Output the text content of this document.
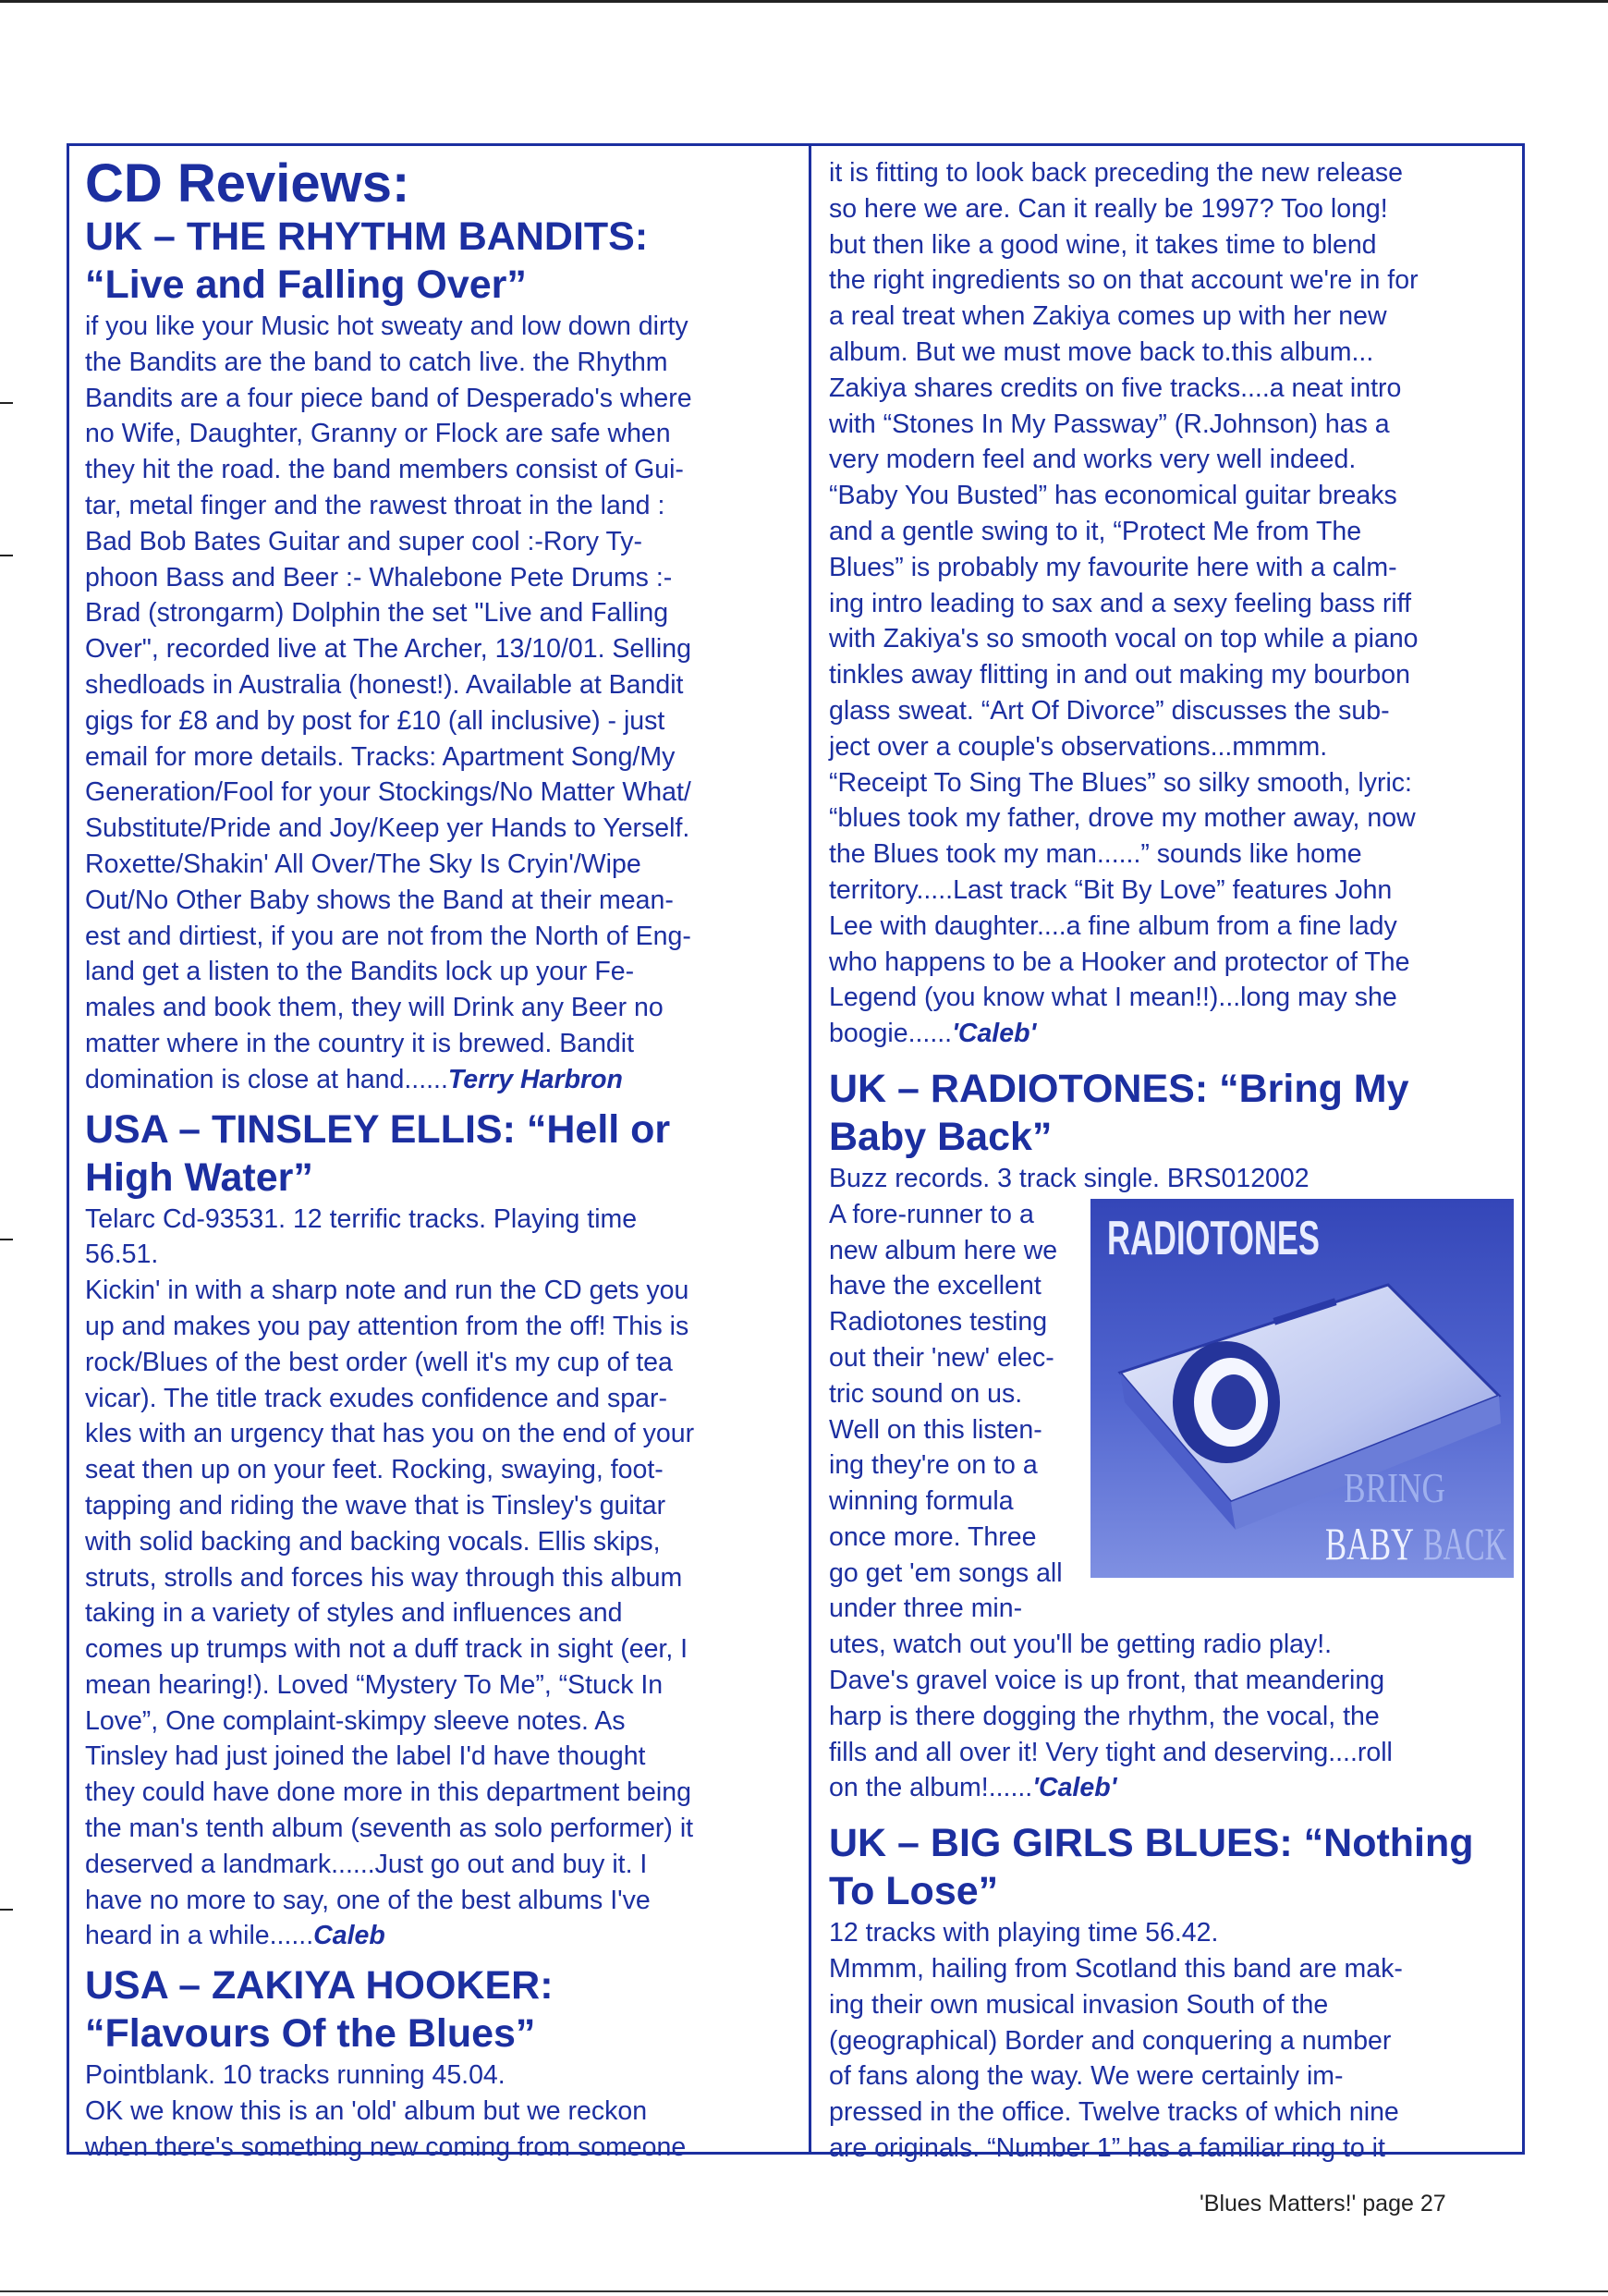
CD Reviews:
UK – THE RHYTHM BANDITS:
“Live and Falling Over”

if you like your Music hot sweaty and low down dirty

the Bandits are the band to catch live. the Rhythm

Bandits are a four piece band of Desperado's where

no Wife, Daughter, Granny or Flock are safe when

they hit the road. the band members consist of Gui-

tar, metal finger and the rawest throat in the land :

Bad Bob Bates Guitar and super cool :-Rory Ty-

phoon Bass and Beer :- Whalebone Pete Drums :-

Brad (strongarm) Dolphin the set "Live and Falling

Over", recorded live at The Archer, 13/10/01. Selling

shedloads in Australia (honest!). Available at Bandit

gigs for £8 and by post for £10 (all inclusive) - just

email for more details. Tracks: Apartment Song/My

Generation/Fool for your Stockings/No Matter What/

Substitute/Pride and Joy/Keep yer Hands to Yerself.

Roxette/Shakin' All Over/The Sky Is Cryin'/Wipe

Out/No Other Baby shows the Band at their mean-

est and dirtiest, if you are not from the North of Eng-

land get a listen to the Bandits lock up your Fe-

males and book them, they will Drink any Beer no

matter where in the country it is brewed. Bandit

domination is close at hand......Terry Harbron

USA – TINSLEY ELLIS: “Hell or
High Water”

Telarc Cd-93531. 12 terrific tracks. Playing time

56.51.

Kickin' in with a sharp note and run the CD gets you

up and makes you pay attention from the off! This is

rock/Blues of the best order (well it's my cup of tea

vicar). The title track exudes confidence and spar-

kles with an urgency that has you on the end of your

seat then up on your feet. Rocking, swaying, foot-

tapping and riding the wave that is Tinsley's guitar

with solid backing and backing vocals. Ellis skips,

struts, strolls and forces his way through this album

taking in a variety of styles and influences and

comes up trumps with not a duff track in sight (eer, I

mean hearing!). Loved “Mystery To Me”, “Stuck In

Love”, One complaint-skimpy sleeve notes. As

Tinsley had just joined the label I'd have thought

they could have done more in this department being

the man's tenth album (seventh as solo performer) it

deserved a landmark......Just go out and buy it. I

have no more to say, one of the best albums I've

heard in a while......Caleb

USA – ZAKIYA HOOKER:
“Flavours Of the Blues”

Pointblank. 10 tracks running 45.04.

OK we know this is an 'old' album but we reckon

when there's something new coming from someone

it is fitting to look back preceding the new release

so here we are. Can it really be 1997? Too long!

but then like a good wine, it takes time to blend

the right ingredients so on that account we're in for

a real treat when Zakiya comes up with her new

album. But we must move back to.this album...

Zakiya shares credits on five tracks....a neat intro

with “Stones In My Passway” (R.Johnson) has a

very modern feel and works very well indeed.

“Baby You Busted” has economical guitar breaks

and a gentle swing to it, “Protect Me from The

Blues” is probably my favourite here with a calm-

ing intro leading to sax and a sexy feeling bass riff

with Zakiya's so smooth vocal on top while a piano

tinkles away flitting in and out making my bourbon

glass sweat. “Art Of Divorce” discusses the sub-

ject over a couple's observations...mmmm.

“Receipt To Sing The Blues” so silky smooth, lyric:

“blues took my father, drove my mother away, now

the Blues took my man......” sounds like home

territory.....Last track “Bit By Love” features John

Lee with daughter....a fine album from a fine lady

who happens to be a Hooker and protector of The

Legend (you know what I mean!!)...long may she

boogie......'Caleb'

UK – RADIOTONES: “Bring My
Baby Back”

Buzz records. 3 track single. BRS012002

RADIOTONES
BRING
BABY BACK

A fore-runner to a

new album here we

have the excellent

Radiotones testing

out their 'new' elec-

tric sound on us.

Well on this listen-

ing they're on to a

winning formula

once more. Three

go get 'em songs all

under three min-

utes, watch out you'll be getting radio play!.

Dave's gravel voice is up front, that meandering

harp is there dogging the rhythm, the vocal, the

fills and all over it! Very tight and deserving....roll

on the album!......'Caleb'

UK – BIG GIRLS BLUES: “Nothing
To Lose”

12 tracks with playing time 56.42.

Mmmm, hailing from Scotland this band are mak-

ing their own musical invasion South of the

(geographical) Border and conquering a number

of fans along the way. We were certainly im-

pressed in the office. Twelve tracks of which nine

are originals. “Number 1” has a familiar ring to it

'Blues Matters!' page 27
